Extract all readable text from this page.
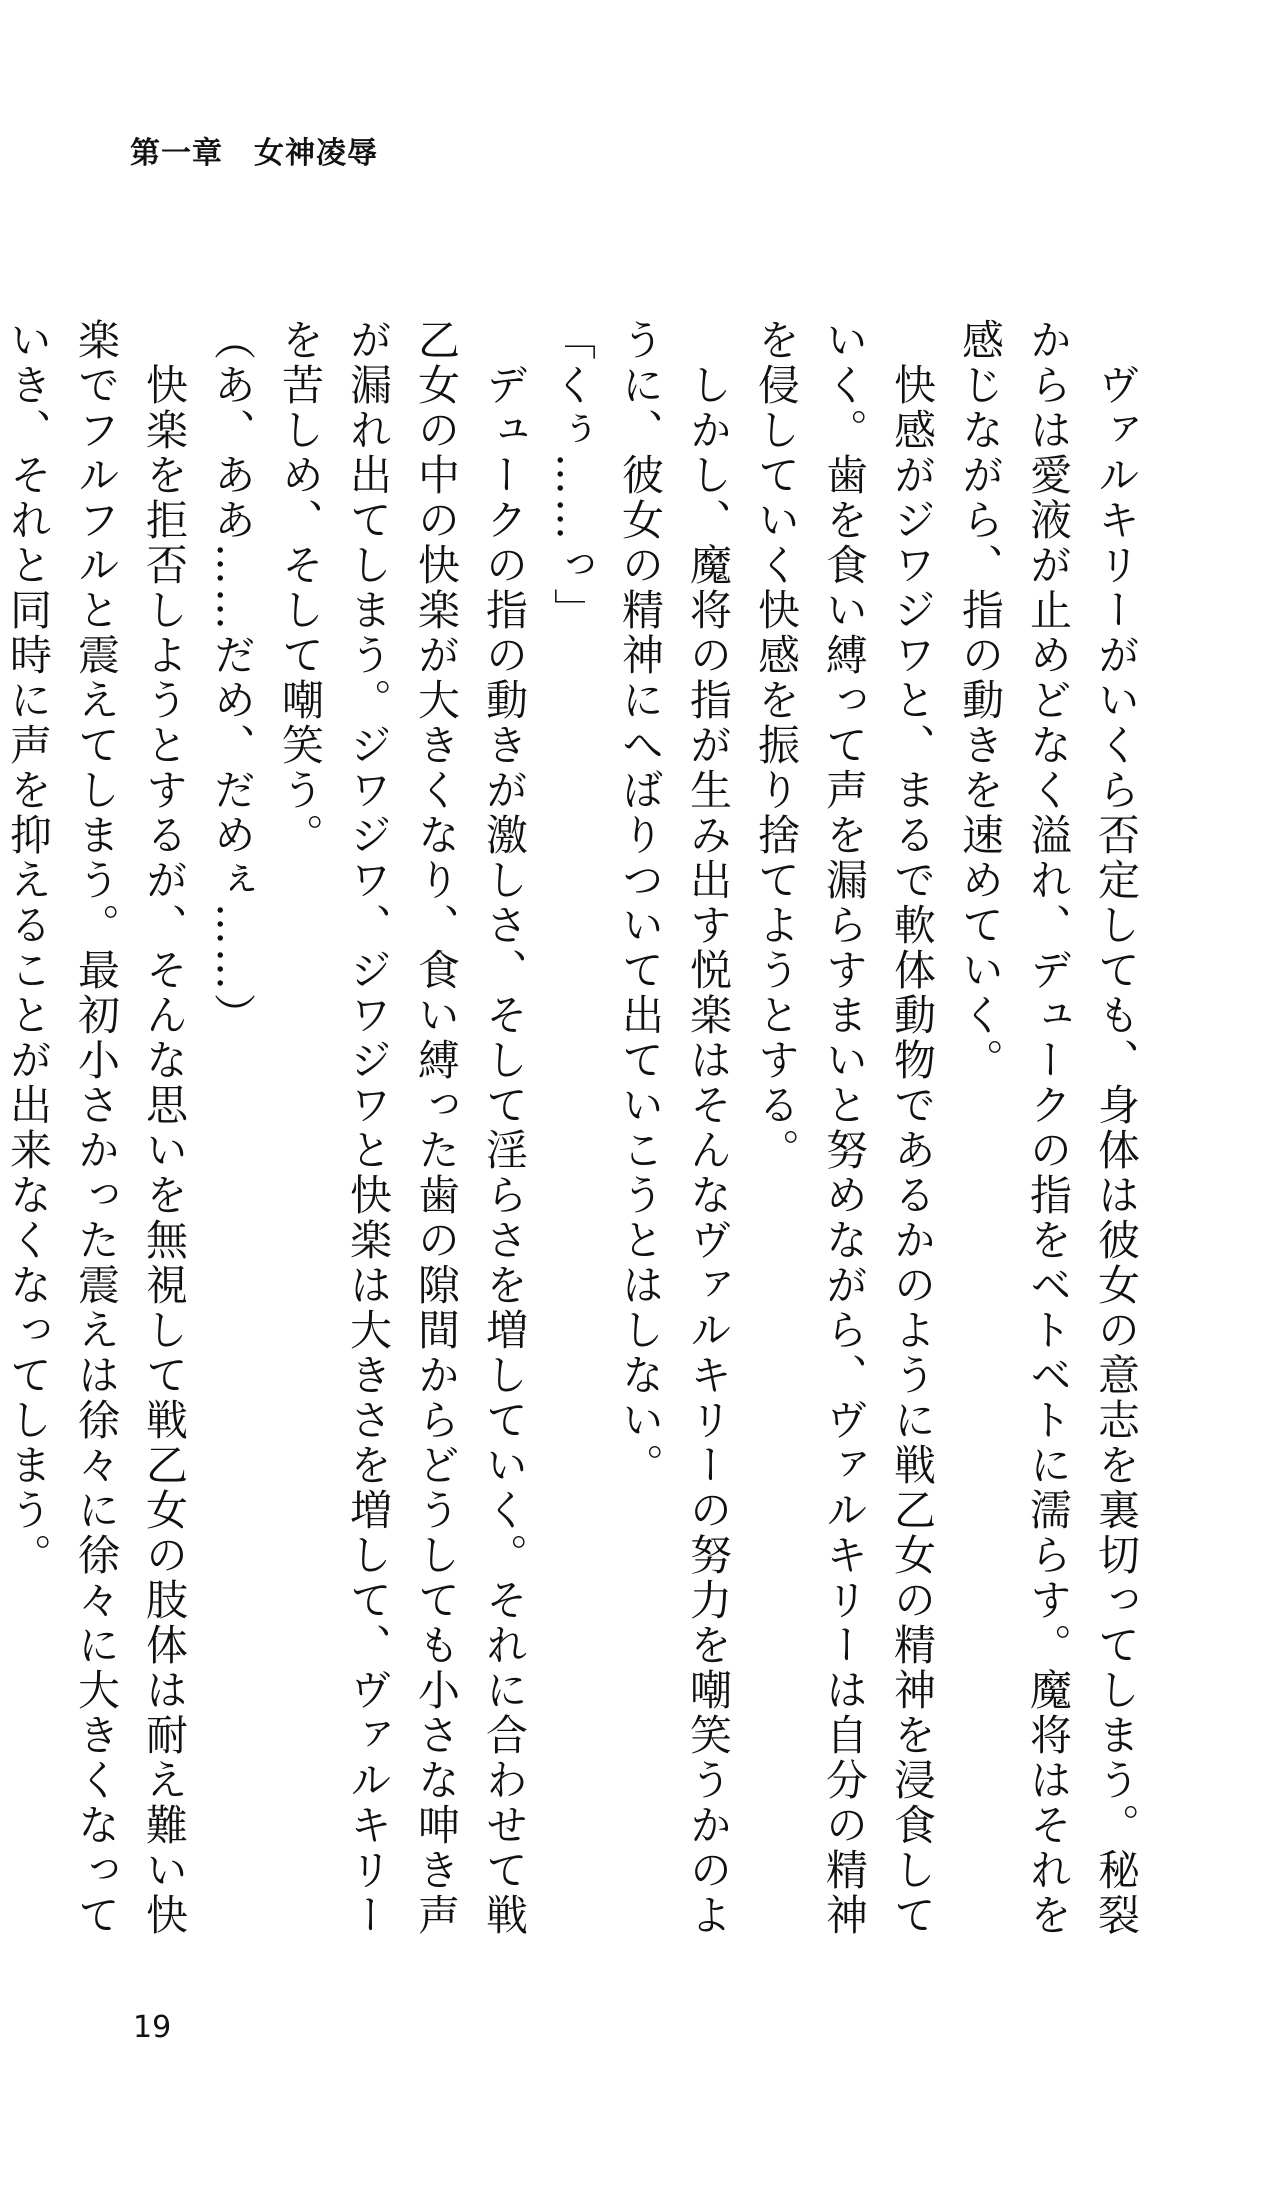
第一章　女神凌辱

　ヴァルキリーがいくら否定しても、身体は彼女の意志を裏切ってしまう。秘裂からは愛液が止めどなく溢れ、デュークの指をベトベトに濡らす。魔将はそれを感じながら、指の動きを速めていく。

　快感がジワジワと、まるで軟体動物であるかのように戦乙女の精神を浸食していく。歯を食い縛って声を漏らすまいと努めながら、ヴァルキリーは自分の精神を侵していく快感を振り捨てようとする。

　しかし、魔将の指が生み出す悦楽はそんなヴァルキリーの努力を嘲笑うかのように、彼女の精神にへばりついて出ていこうとはしない。

「くぅ……っ」

　デュークの指の動きが激しさ、そして淫らさを増していく。それに合わせて戦乙女の中の快楽が大きくなり、食い縛った歯の隙間からどうしても小さな呻き声が漏れ出てしまう。ジワジワ、ジワジワと快楽は大きさを増して、ヴァルキリーを苦しめ、そして嘲笑う。

（あ、ああ……だめ、だめぇ……）

　快楽を拒否しようとするが、そんな思いを無視して戦乙女の肢体は耐え難い快楽でフルフルと震えてしまう。最初小さかった震えは徐々に徐々に大きくなっていき、それと同時に声を抑えることが出来なくなってしまう。

19
